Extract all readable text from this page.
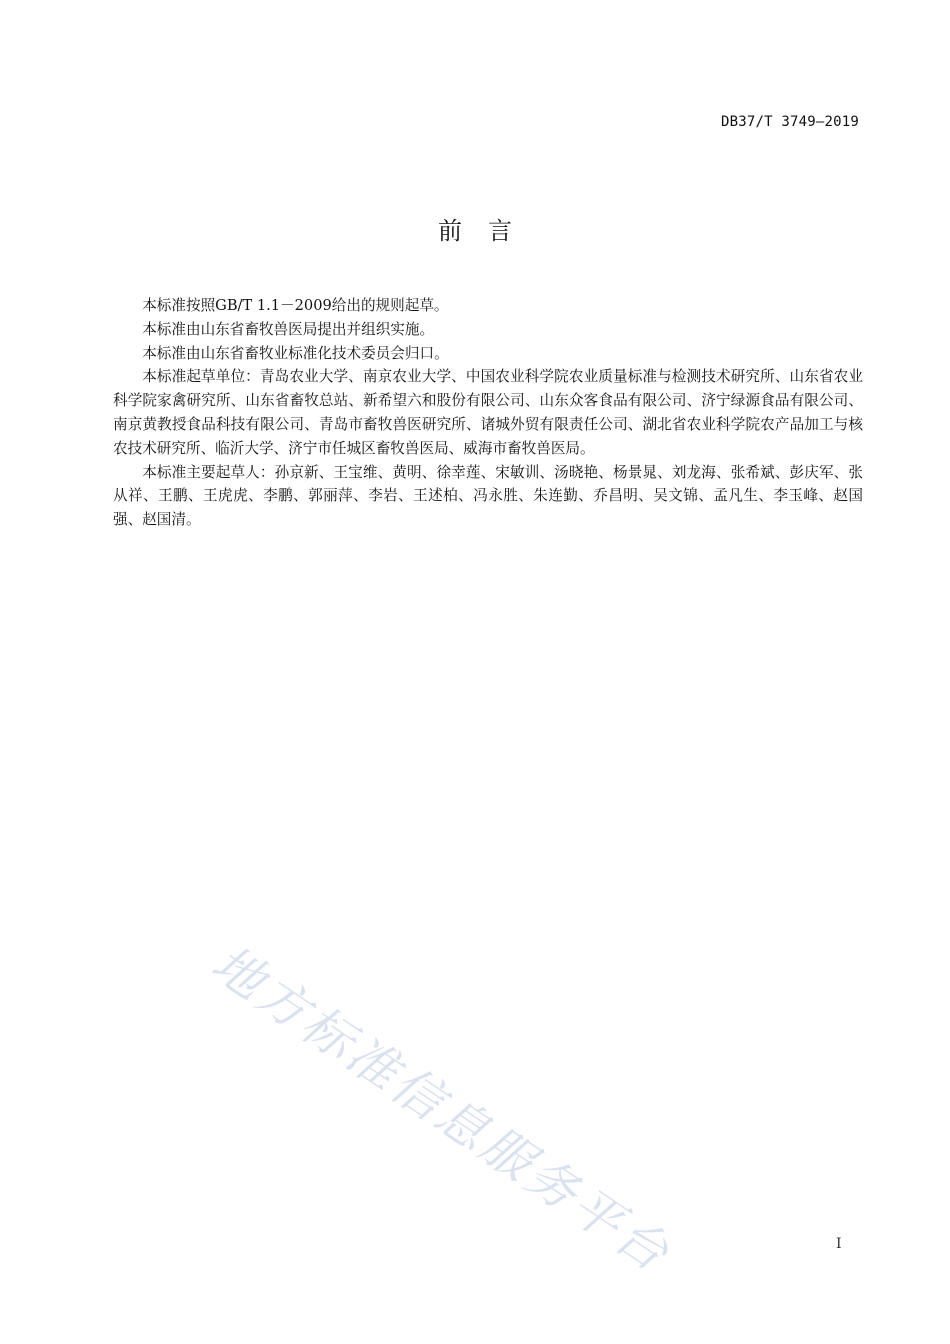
DB37/T 3749—2019
前 言

本标准按照GB/T 1.1－2009给出的规则起草。

本标准由山东省畜牧兽医局提出并组织实施。

本标准由山东省畜牧业标准化技术委员会归口。

本标准起草单位：青岛农业大学、南京农业大学、中国农业科学院农业质量标准与检测技术研究所、山东省农业科学院家禽研究所、山东省畜牧总站、新希望六和股份有限公司、山东众客食品有限公司、济宁绿源食品有限公司、南京黄教授食品科技有限公司、青岛市畜牧兽医研究所、诸城外贸有限责任公司、湖北省农业科学院农产品加工与核农技术研究所、临沂大学、济宁市任城区畜牧兽医局、威海市畜牧兽医局。

本标准主要起草人：孙京新、王宝维、黄明、徐幸莲、宋敏训、汤晓艳、杨景晁、刘龙海、张希斌、彭庆军、张从祥、王鹏、王虎虎、李鹏、郭丽萍、李岩、王述柏、冯永胜、朱连勤、乔昌明、吴文锦、孟凡生、李玉峰、赵国强、赵国清。

地方标准信息服务平台	I
